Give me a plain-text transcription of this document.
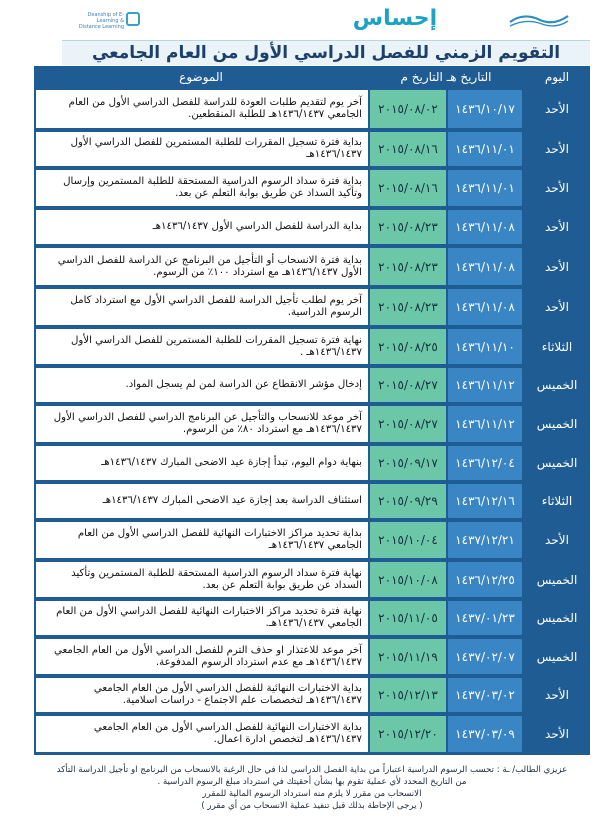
Deanship of E-Learning & Distance Learning	إحساس
التقويم الزمني للفصل الدراسي الأول من العام الجامعي
اليوم
التاريخ هـ التاريخ م
الموضوع
الأحد
١٤٣٦/١٠/١٧
٢٠١٥/٠٨/٠٢
آخر يوم لتقديم طلبات العودة للدراسة للفصل الدراسي الأول من العام الجامعي ١٤٣٦/١٤٣٧هـ للطلبة المنقطعين.
الأحد
١٤٣٦/١١/٠١
٢٠١٥/٠٨/١٦
بداية فترة تسجيل المقررات للطلبة المستمرين للفصل الدراسي الأول ١٤٣٦/١٤٣٧هـ
الأحد
١٤٣٦/١١/٠١
٢٠١٥/٠٨/١٦
بداية فترة سداد الرسوم الدراسية المستحقة للطلبة المستمرين وإرسال وتأكيد السداد عن طريق بوابة التعلم عن بعد.
الأحد
١٤٣٦/١١/٠٨
٢٠١٥/٠٨/٢٣
بداية الدراسة للفصل الدراسي الأول ١٤٣٦/١٤٣٧هـ
الأحد
١٤٣٦/١١/٠٨
٢٠١٥/٠٨/٢٣
بداية فترة الانسحاب أو التأجيل من البرنامج عن الدراسة للفصل الدراسي الأول ١٤٣٦/١٤٣٧هـ مع استرداد ١٠٠٪ من الرسوم.
الأحد
١٤٣٦/١١/٠٨
٢٠١٥/٠٨/٢٣
آخر يوم لطلب تأجيل الدراسة للفصل الدراسي الأول مع استرداد كامل الرسوم الدراسية.
الثلاثاء
١٤٣٦/١١/١٠
٢٠١٥/٠٨/٢٥
نهاية فترة تسجيل المقررات للطلبة المستمرين للفصل الدراسي الأول ١٤٣٦/١٤٣٧هـ .
الخميس
١٤٣٦/١١/١٢
٢٠١٥/٠٨/٢٧
إدخال مؤشر الانقطاع عن الدراسة لمن لم يسجل المواد.
الخميس
١٤٣٦/١١/١٢
٢٠١٥/٠٨/٢٧
آخر موعد للانسحاب والتأجيل عن البرنامج الدراسي للفصل الدراسي الأول ١٤٣٦/١٤٣٧هـ مع استرداد ٨٠٪ من الرسوم.
الخميس
١٤٣٦/١٢/٠٤
٢٠١٥/٠٩/١٧
بنهاية دوام اليوم، تبدأ إجازة عيد الاضحى المبارك ١٤٣٦/١٤٣٧هـ
الثلاثاء
١٤٣٦/١٢/١٦
٢٠١٥/٠٩/٢٩
استئناف الدراسة بعد إجازة عيد الاضحى المبارك ١٤٣٦/١٤٣٧هـ
الأحد
١٤٣٧/١٢/٢١
٢٠١٥/١٠/٠٤
بداية تحديد مراكز الاختبارات النهائية للفصل الدراسي الأول من العام الجامعي ١٤٣٦/١٤٣٧هـ
الخميس
١٤٣٦/١٢/٢٥
٢٠١٥/١٠/٠٨
نهاية فترة سداد الرسوم الدراسية المستحقة للطلبة المستمرين وتأكيد السداد عن طريق بوابة التعلم عن بعد.
الخميس
١٤٣٧/٠١/٢٣
٢٠١٥/١١/٠٥
نهاية فترة تحديد مراكز الاختبارات النهائية للفصل الدراسي الأول من العام الجامعي ١٤٣٦/١٤٣٧هـ.
الخميس
١٤٣٧/٠٢/٠٧
٢٠١٥/١١/١٩
آخر موعد للاعتذار او حذف الترم للفصل الدراسي الأول من العام الجامعي ١٤٣٦/١٤٣٧هـ مع عدم استرداد الرسوم المدفوعة.
الأحد
١٤٣٧/٠٣/٠٢
٢٠١٥/١٢/١٣
بداية الاختبارات النهائية للفصل الدراسي الأول من العام الجامعي ١٤٣٦/١٤٣٧هـ لتخصصات علم الاجتماع - دراسات اسلامية.
الأحد
١٤٣٧/٠٣/٠٩
٢٠١٥/١٢/٢٠
بداية الاختبارات النهائية للفصل الدراسي الأول من العام الجامعي ١٤٣٦/١٤٣٧هـ لتخصص ادارة اعمال.

عزيزي الطالب/ ـة : تحسب الرسوم الدراسية اعتباراً من بداية الفصل الدراسي لذا في حال الرغبة بالانسحاب من البرنامج او تأجيل الدراسة التأكد

من التاريخ المحدد لأي عملية تقوم بها بشأن أحقيتك في استرداد مبلغ الرسوم الدراسية .

الانسحاب من مقرر لا يلزم منه استرداد الرسوم المالية للمقرر

( يرجى الإحاطة بذلك قبل تنفيذ عملية الانسحاب من أي مقرر )
